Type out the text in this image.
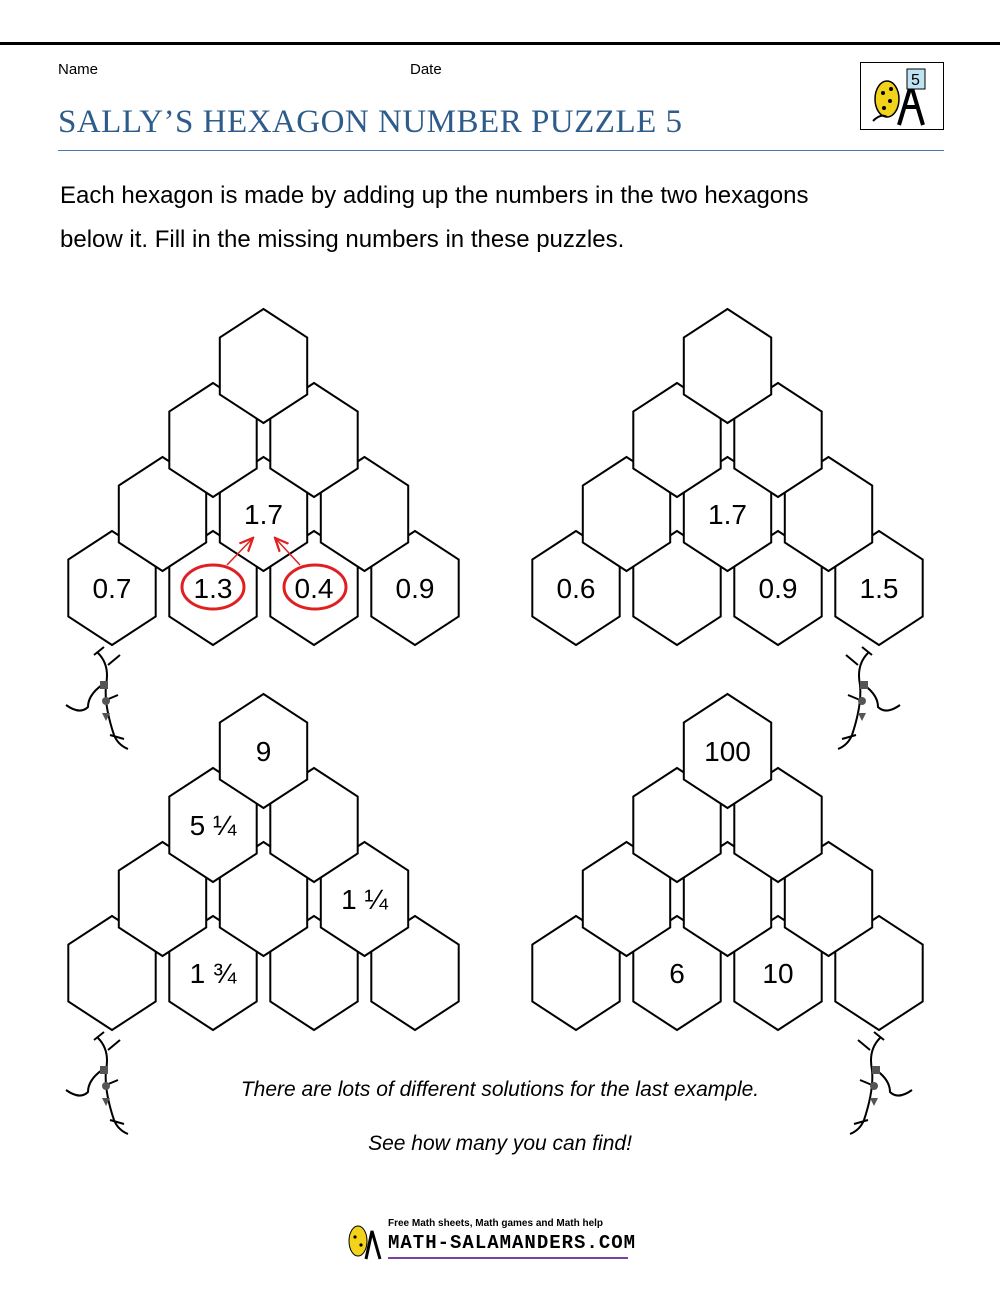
Name	Date
5
SALLY’S HEXAGON NUMBER PUZZLE 5
Each hexagon is made by adding up the numbers in the two hexagons
below it. Fill in the missing numbers in these puzzles.
0.7 1.3 0.4 0.9
1.7
0.6	0.9 1.5
1.7
1 ¾
1 ¼
5 ¼
9
6	10
100
There are lots of different solutions for the last example.
See how many you can find!
Free Math sheets, Math games and Math help
MATH-SALAMANDERS.COM
